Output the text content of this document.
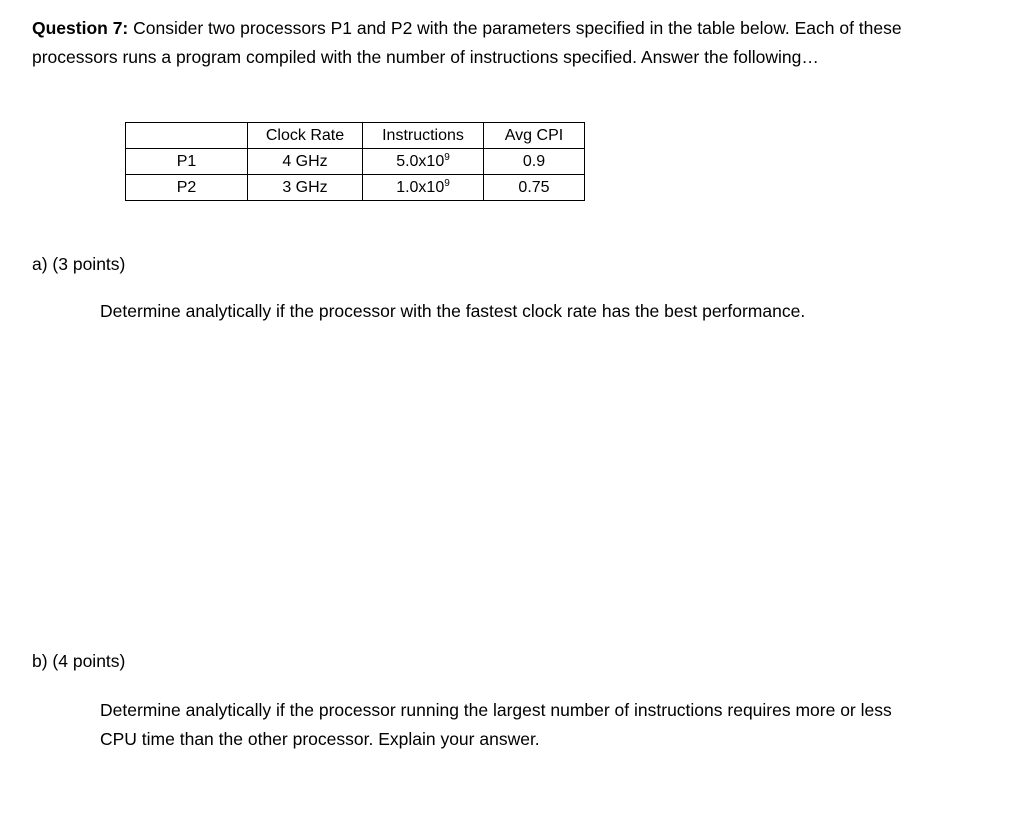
Question 7: Consider two processors P1 and P2 with the parameters specified in the table below. Each of these processors runs a program compiled with the number of instructions specified. Answer the following…
	Clock Rate	Instructions	Avg CPI
P1	4 GHz	$5.0x10^9$	0.9
P2	3 GHz	$1.0x10^9$	0.75
a) (3 points)
Determine analytically if the processor with the fastest clock rate has the best performance.
b) (4 points)
Determine analytically if the processor running the largest number of instructions requires more or less CPU time than the other processor. Explain your answer.
